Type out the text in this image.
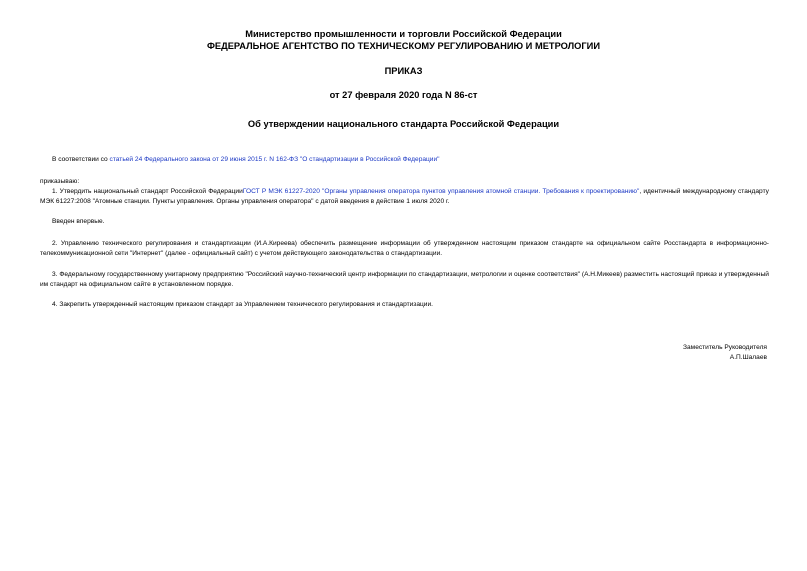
Министерство промышленности и торговли Российской Федерации
ФЕДЕРАЛЬНОЕ АГЕНТСТВО ПО ТЕХНИЧЕСКОМУ РЕГУЛИРОВАНИЮ И МЕТРОЛОГИИ
ПРИКАЗ
от 27 февраля 2020 года N 86-ст
Об утверждении национального стандарта Российской Федерации
В соответствии со статьей 24 Федерального закона от 29 июня 2015 г. N 162-ФЗ "О стандартизации в Российской Федерации"
приказываю:
1. Утвердить национальный стандарт Российской ФедерацииГОСТ Р МЭК 61227-2020 "Органы управления оператора пунктов управления атомной станции. Требования к проектированию", идентичный международному стандарту МЭК 61227:2008 "Атомные станции. Пункты управления. Органы управления оператора" с датой введения в действие 1 июля 2020 г.
Введен впервые.
2. Управлению технического регулирования и стандартизации (И.А.Киреева) обеспечить размещение информации об утвержденном настоящим приказом стандарте на официальном сайте Росстандарта в информационно-телекоммуникационной сети "Интернет" (далее - официальный сайт) с учетом действующего законодательства о стандартизации.
3. Федеральному государственному унитарному предприятию "Российский научно-технический центр информации по стандартизации, метрологии и оценке соответствия" (А.Н.Микеев) разместить настоящий приказ и утвержденный им стандарт на официальном сайте в установленном порядке.
4. Закрепить утвержденный настоящим приказом стандарт за Управлением технического регулирования и стандартизации.
Заместитель Руководителя
А.П.Шалаев
